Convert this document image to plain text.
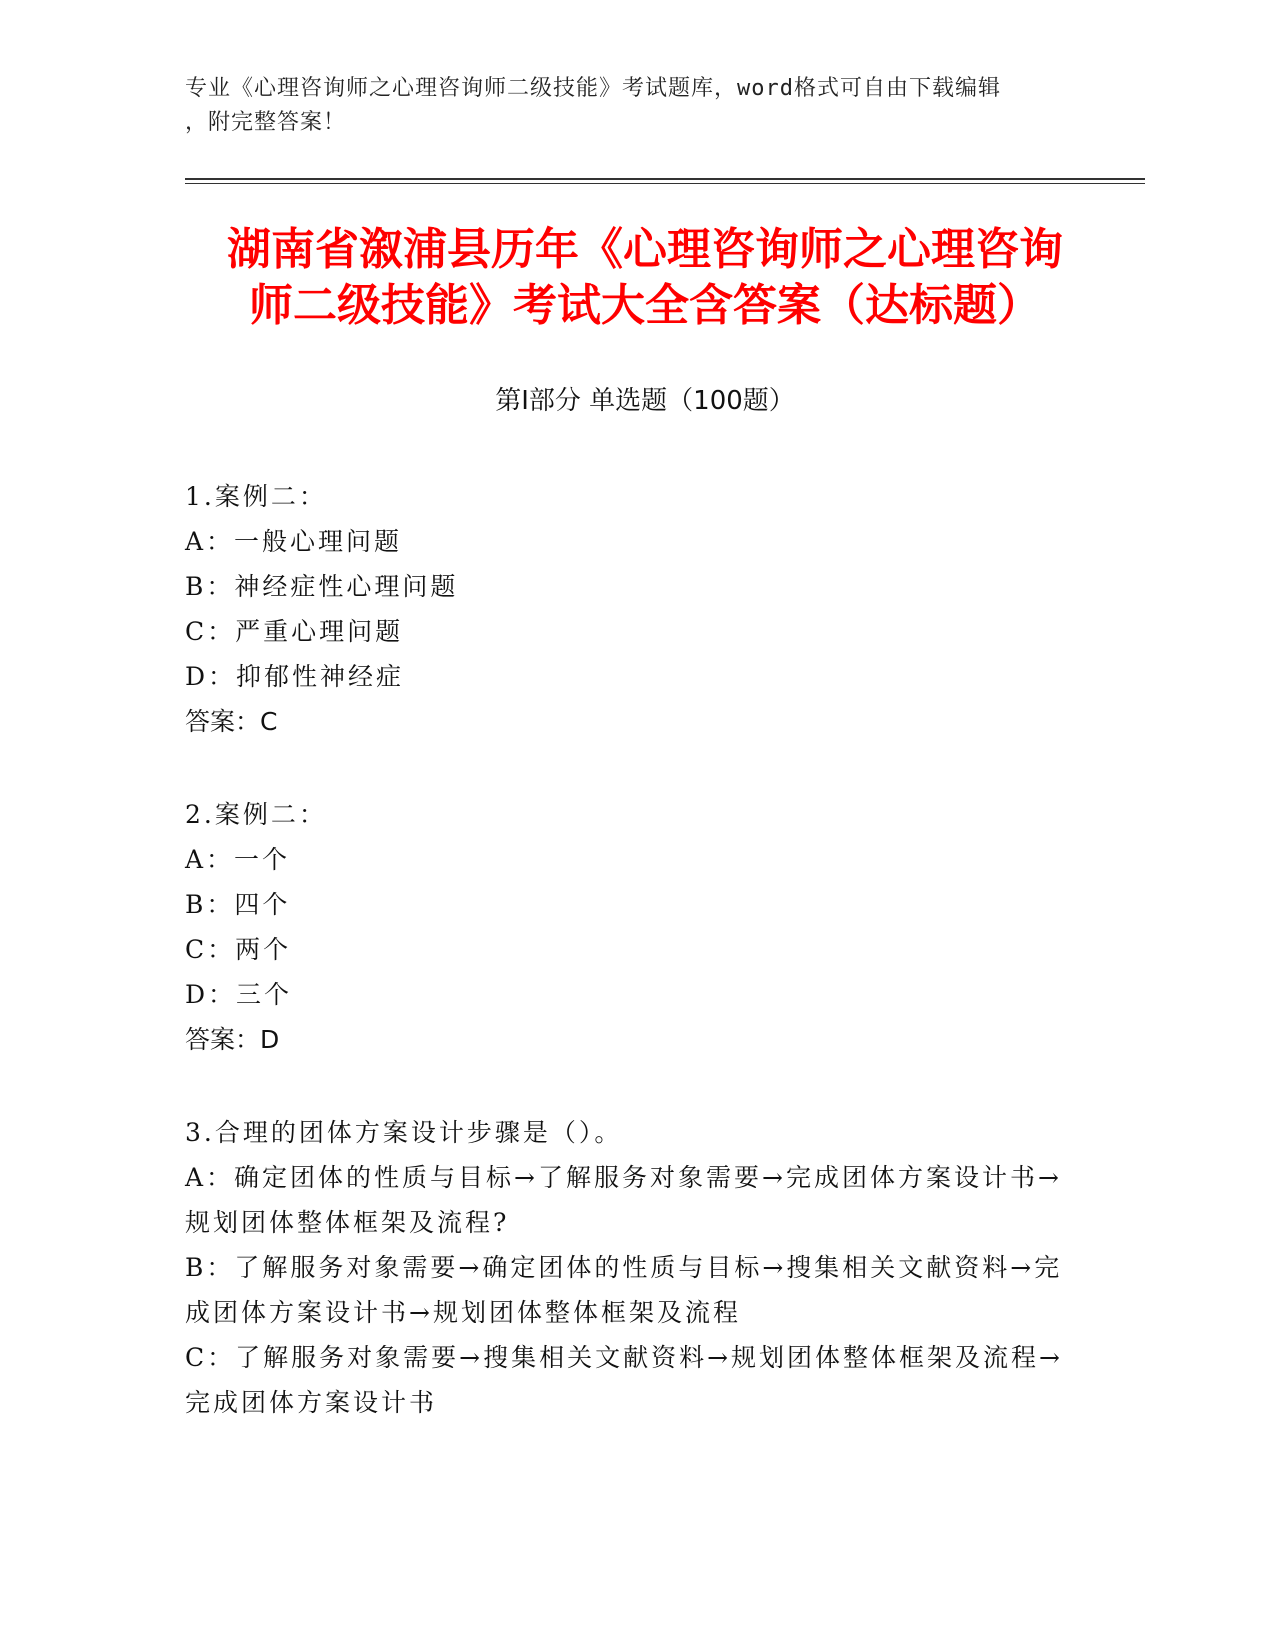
专业《心理咨询师之心理咨询师二级技能》考试题库，word格式可自由下载编辑
，附完整答案！
湖南省溆浦县历年《心理咨询师之心理咨询
师二级技能》考试大全含答案（达标题）
第Ⅰ部分 单选题（100题）
1.案例二：
A：一般心理问题
B：神经症性心理问题
C：严重心理问题
D：抑郁性神经症
答案：C
2.案例二：
A：一个
B：四个
C：两个
D：三个
答案：D
3.合理的团体方案设计步骤是（）。
A：确定团体的性质与目标→了解服务对象需要→完成团体方案设计书→规划团体整体框架及流程?
B：了解服务对象需要→确定团体的性质与目标→搜集相关文献资料→完成团体方案设计书→规划团体整体框架及流程
C：了解服务对象需要→搜集相关文献资料→规划团体整体框架及流程→完成团体方案设计书
